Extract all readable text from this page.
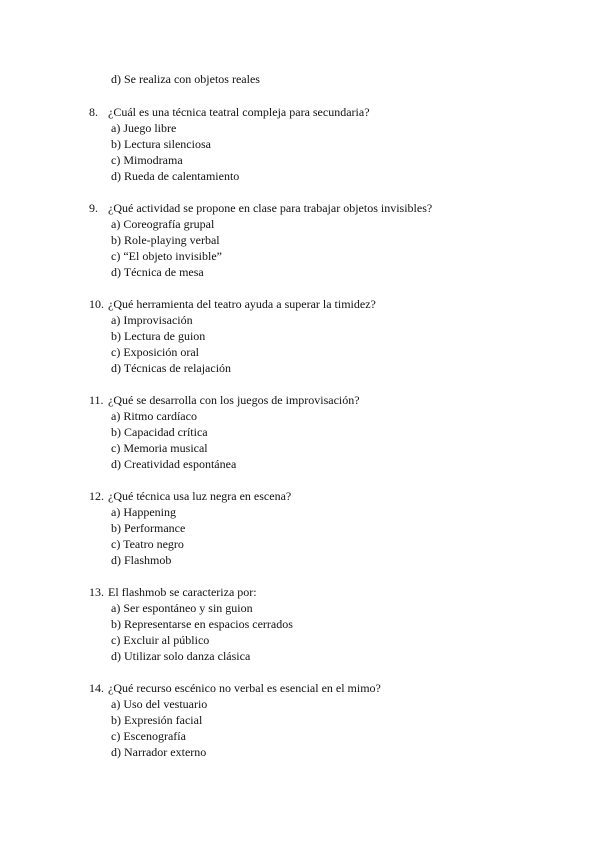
d) Se realiza con objetos reales
8. ¿Cuál es una técnica teatral compleja para secundaria?
a) Juego libre
b) Lectura silenciosa
c) Mimodrama
d) Rueda de calentamiento
9. ¿Qué actividad se propone en clase para trabajar objetos invisibles?
a) Coreografía grupal
b) Role-playing verbal
c) “El objeto invisible”
d) Técnica de mesa
10. ¿Qué herramienta del teatro ayuda a superar la timidez?
a) Improvisación
b) Lectura de guion
c) Exposición oral
d) Técnicas de relajación
11. ¿Qué se desarrolla con los juegos de improvisación?
a) Ritmo cardíaco
b) Capacidad crítica
c) Memoria musical
d) Creatividad espontánea
12. ¿Qué técnica usa luz negra en escena?
a) Happening
b) Performance
c) Teatro negro
d) Flashmob
13. El flashmob se caracteriza por:
a) Ser espontáneo y sin guion
b) Representarse en espacios cerrados
c) Excluir al público
d) Utilizar solo danza clásica
14. ¿Qué recurso escénico no verbal es esencial en el mimo?
a) Uso del vestuario
b) Expresión facial
c) Escenografía
d) Narrador externo
